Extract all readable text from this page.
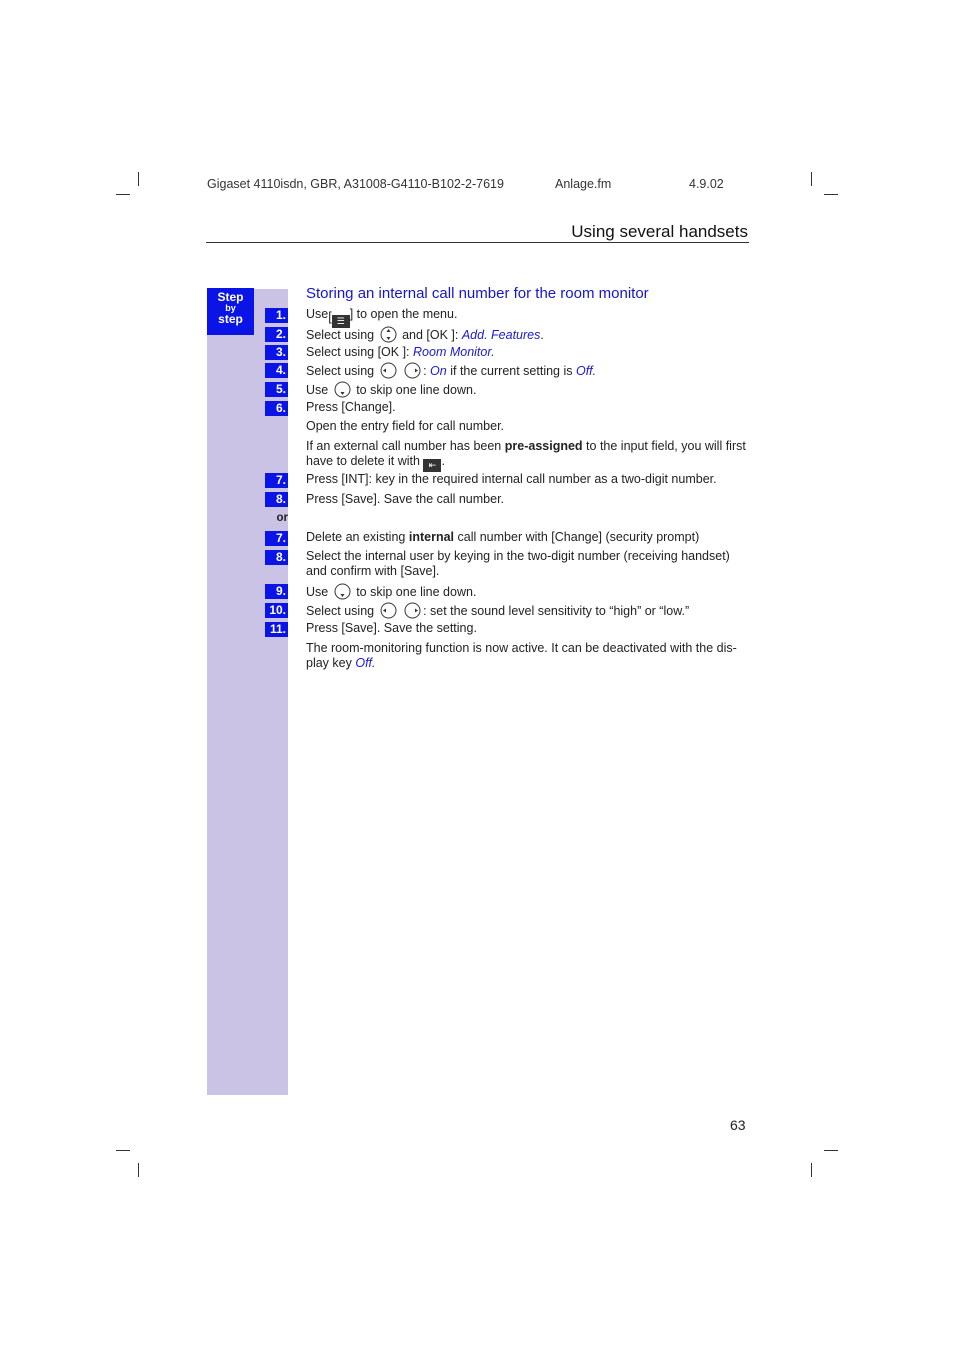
Gigaset 4110isdn, GBR, A31008-G4110-B102-2-7619	Anlage.fm	4.9.02
Using several handsets
Step
by
step	1.
2.
3.
4.
5.
6.
7.
8.
or
7.
8.
9.
10.
11.
Storing an internal call number for the room monitor
Use[ ☰ ] to open the menu.
Select using and [OK ]: Add. Features.
Select using [OK ]: Room Monitor.
Select using	: On if the current setting is Off.
Use to skip one line down.
Press [Change].
Open the entry field for call number.
If an external call number has been pre-assigned to the input field, you will first have to delete it with ⇤ .
Press [INT]: key in the required internal call number as a two-digit number.
Press [Save]. Save the call number.
Delete an existing internal call number with [Change] (security prompt)
Select the internal user by keying in the two-digit number (receiving handset) and confirm with [Save].
Use to skip one line down.
Select using	: set the sound level sensitivity to “high” or “low.”
Press [Save]. Save the setting.
The room-monitoring function is now active. It can be deactivated with the dis-play key Off.
63
